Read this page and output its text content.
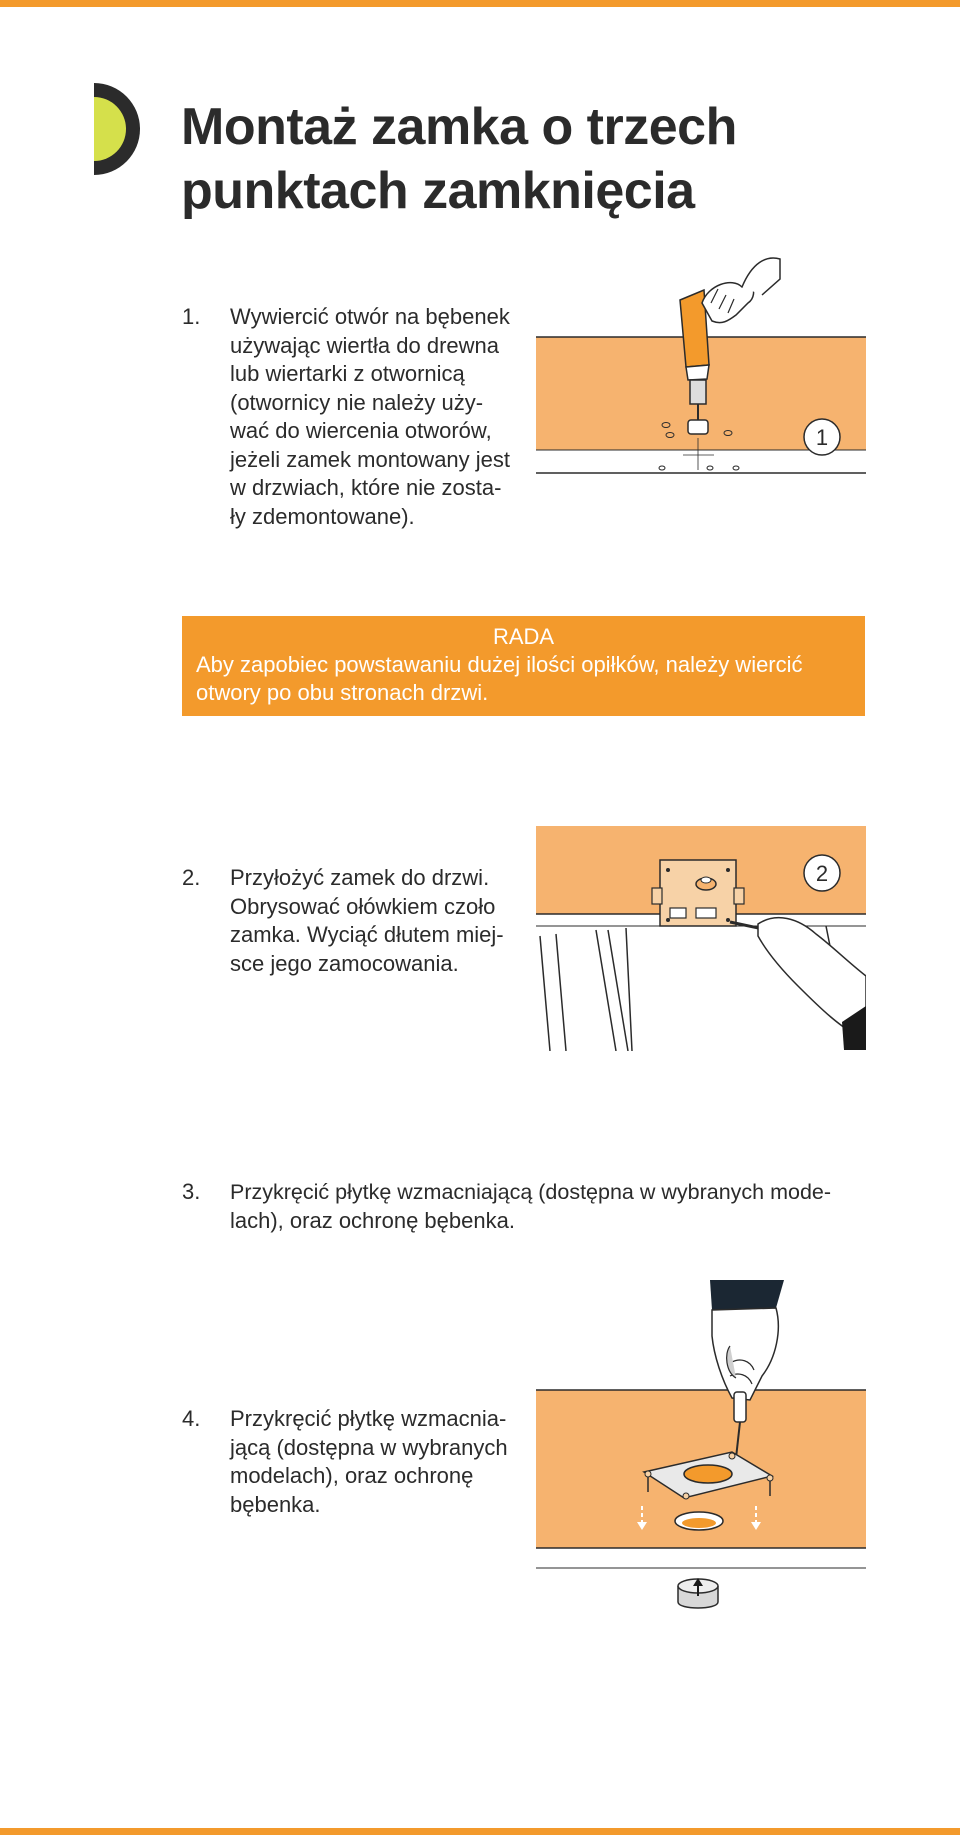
Montaż zamka o trzech
punktach zamknięcia
1. Wywiercić otwór na bębenek
używając wiertła do drewna
lub wiertarki z otwornicą
(otwornicy nie należy uży-
wać do wiercenia otworów,
jeżeli zamek montowany jest
w drzwiach, które nie zosta-
ły zdemontowane).
1
RADA
Aby zapobiec powstawaniu dużej ilości opiłków, należy wiercić
otwory po obu stronach drzwi.
2. Przyłożyć zamek do drzwi.
Obrysować ołówkiem czoło
zamka. Wyciąć dłutem miej-
sce jego zamocowania.
2
3. Przykręcić płytkę wzmacniającą (dostępna w wybranych mode-
lach), oraz ochronę bębenka.
4. Przykręcić płytkę wzmacnia-
jącą (dostępna w wybranych
modelach), oraz ochronę
bębenka.
